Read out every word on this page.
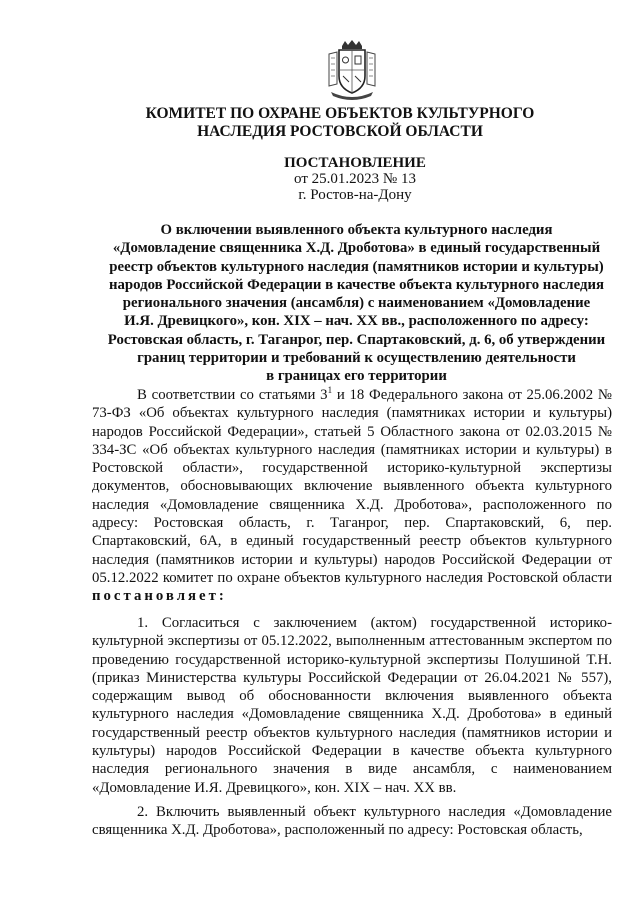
КОМИТЕТ ПО ОХРАНЕ ОБЪЕКТОВ КУЛЬТУРНОГО
НАСЛЕДИЯ РОСТОВСКОЙ ОБЛАСТИ
ПОСТАНОВЛЕНИЕ
от 25.01.2023 № 13
г. Ростов-на-Дону
О включении выявленного объекта культурного наследия
«Домовладение священника Х.Д. Дроботова» в единый государственный
реестр объектов культурного наследия (памятников истории и культуры)
народов Российской Федерации в качестве объекта культурного наследия
регионального значения (ансамбля) с наименованием «Домовладение
И.Я. Древицкого», кон. XIX – нач. XX вв., расположенного по адресу:
Ростовская область, г. Таганрог, пер. Спартаковский, д. 6, об утверждении
границ территории и требований к осуществлению деятельности
в границах его территории

В соответствии со статьями $3^1$ и 18 Федерального закона от 25.06.2002 № 73-ФЗ «Об объектах культурного наследия (памятниках истории и культуры) народов Российской Федерации», статьей 5 Областного закона от 02.03.2015 № 334-ЗС «Об объектах культурного наследия (памятниках истории и культуры) в Ростовской области», государственной историко-культурной экспертизы документов, обосновывающих включение выявленного объекта культурного наследия «Домовладение священника Х.Д. Дроботова», расположенного по адресу: Ростовская область, г. Таганрог, пер. Спартаковский, 6, пер. Спартаковский, 6А, в единый государственный реестр объектов культурного наследия (памятников истории и культуры) народов Российской Федерации от 05.12.2022 комитет по охране объектов культурного наследия Ростовской области постановляет:

1. Согласиться с заключением (актом) государственной историко-культурной экспертизы от 05.12.2022, выполненным аттестованным экспертом по проведению государственной историко-культурной экспертизы Полушиной Т.Н. (приказ Министерства культуры Российской Федерации от 26.04.2021 № 557), содержащим вывод об обоснованности включения выявленного объекта культурного наследия «Домовладение священника Х.Д. Дроботова» в единый государственный реестр объектов культурного наследия (памятников истории и культуры) народов Российской Федерации в качестве объекта культурного наследия регионального значения в виде ансамбля, с наименованием «Домовладение И.Я. Древицкого», кон. XIX – нач. XX вв.

2. Включить выявленный объект культурного наследия «Домовладение священника Х.Д. Дроботова», расположенный по адресу: Ростовская область,
